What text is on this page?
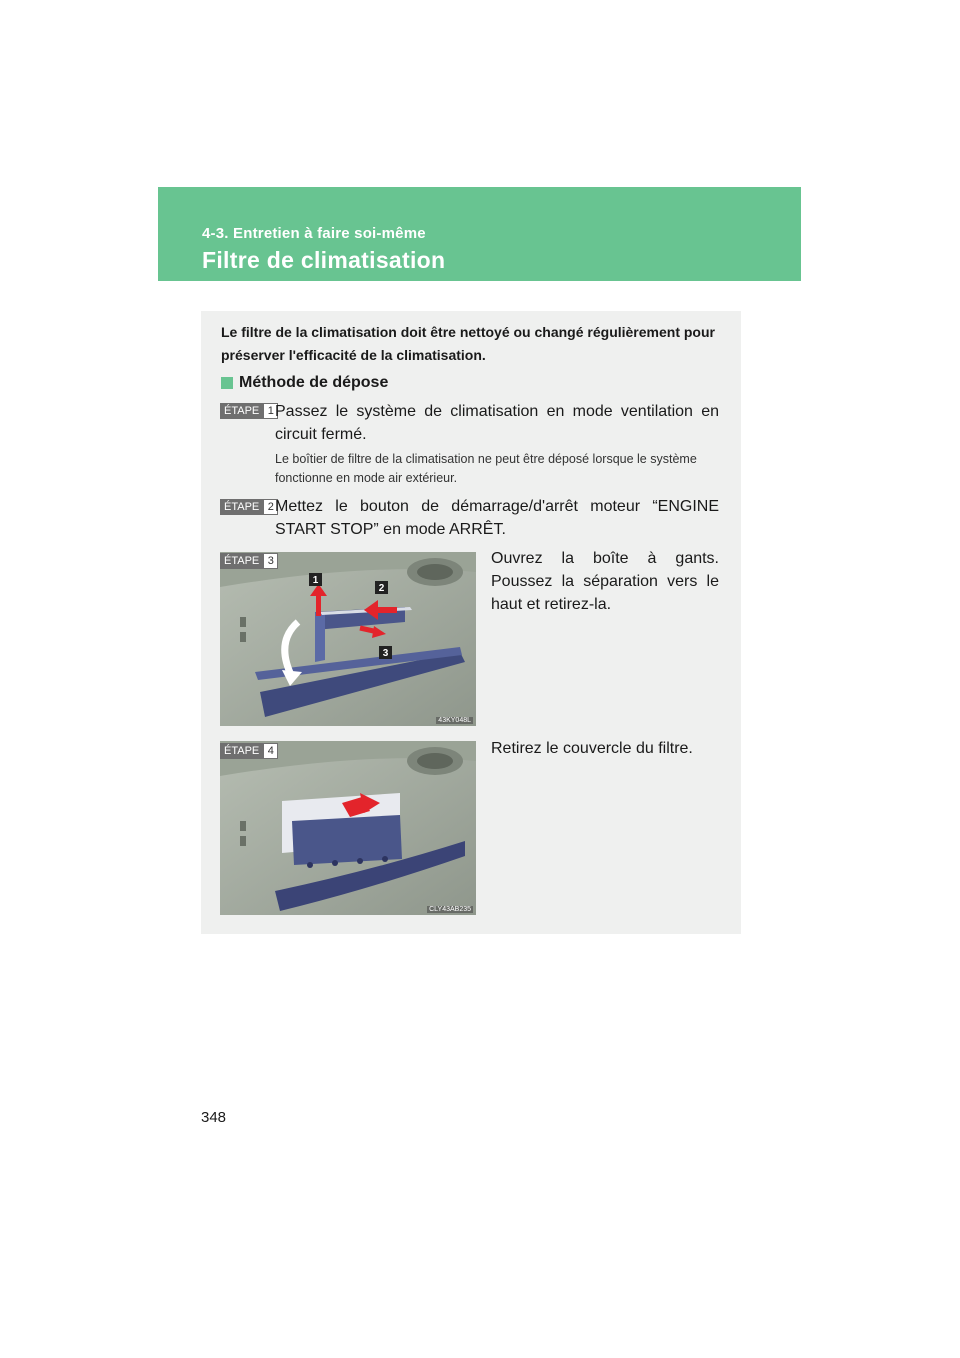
4-3. Entretien à faire soi-même
Filtre de climatisation
Le filtre de la climatisation doit être nettoyé ou changé régulièrement pour préserver l'efficacité de la climatisation.
Méthode de dépose
ÉTAPE 1 Passez le système de climatisation en mode ventilation en circuit fermé.
Le boîtier de filtre de la climatisation ne peut être déposé lorsque le système fonctionne en mode air extérieur.
ÉTAPE 2 Mettez le bouton de démarrage/d'arrêt moteur “ENGINE START STOP” en mode ARRÊT.
1
2
3
43KY048L
ÉTAPE 3	Ouvrez la boîte à gants. Poussez la séparation vers le haut et retirez-la.
CLY43AB235
ÉTAPE 4	Retirez le couvercle du filtre.
348
